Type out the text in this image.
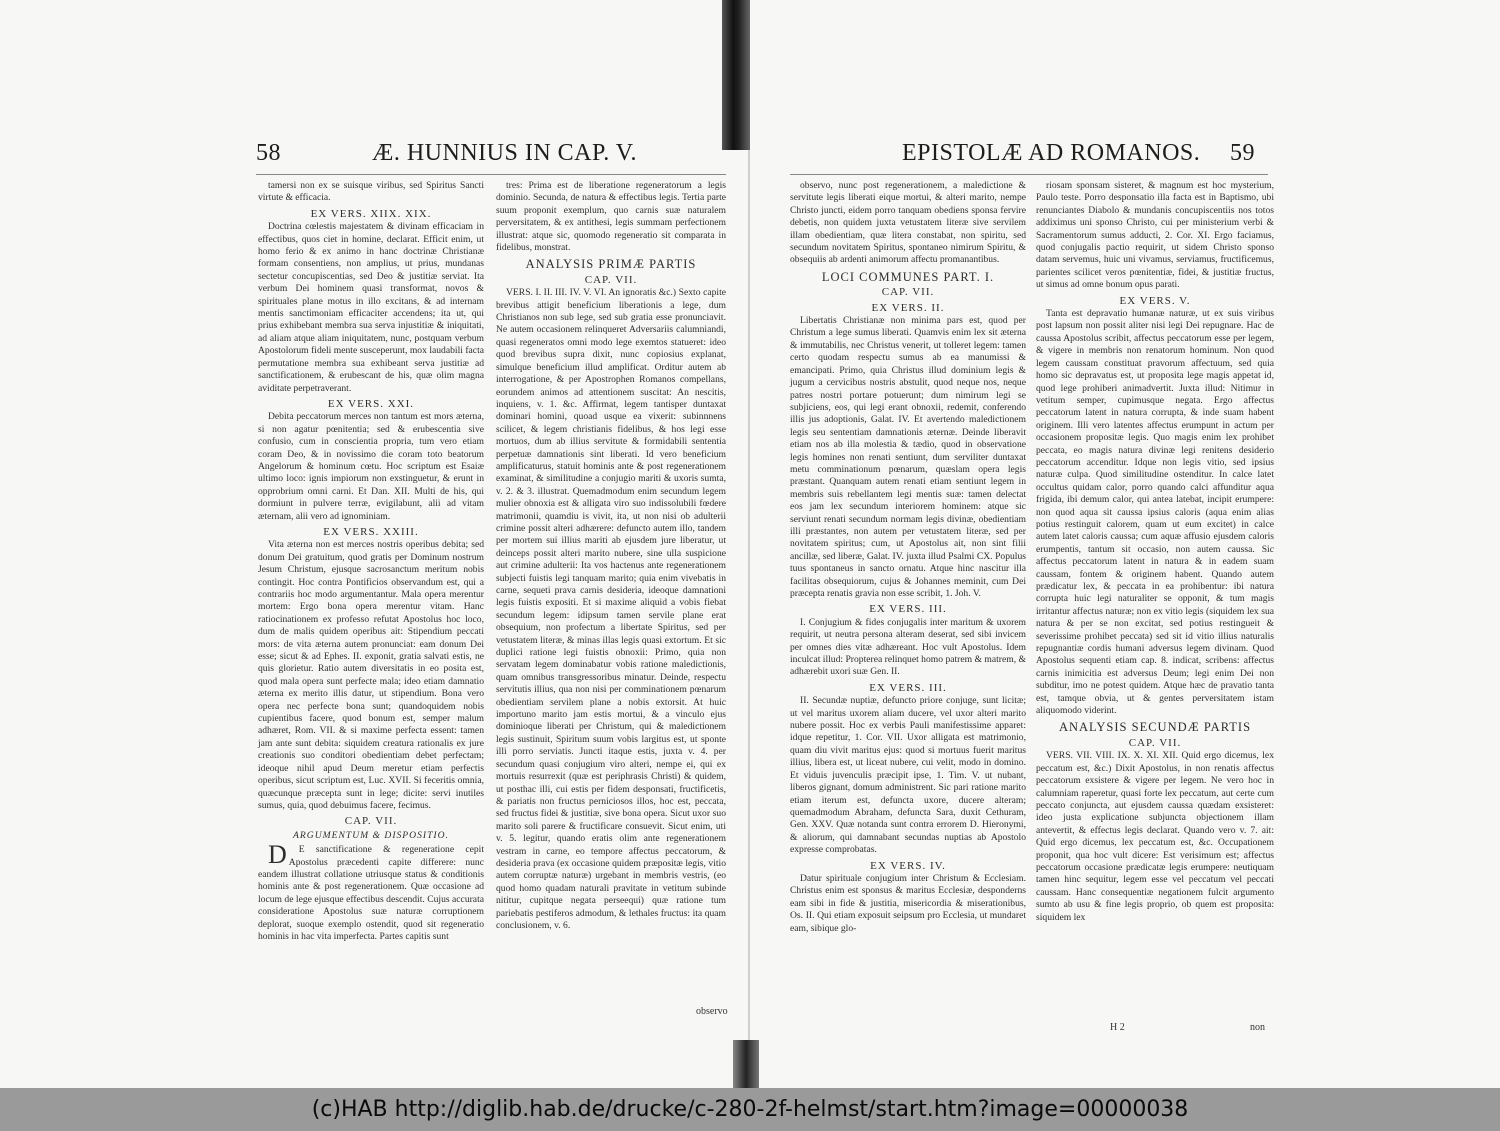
58	Æ. HUNNIUS IN CAP. V.

tamersi non ex se suisque viribus, sed Spiritus Sancti virtute & efficacia.

EX VERS. XIIX. XIX.

Doctrina cœlestis majestatem & divinam efficaciam in effectibus, quos ciet in homine, declarat. Efficit enim, ut homo ferio & ex animo in hanc doctrinæ Christianæ formam consentiens, non amplius, ut prius, mundanas sectetur concupiscentias, sed Deo & justitiæ serviat. Ita verbum Dei hominem quasi transformat, novos & spirituales plane motus in illo excitans, & ad internam mentis sanctimoniam efficaciter accendens; ita ut, qui prius exhibebant membra sua serva injustitiæ & iniquitati, ad aliam atque aliam iniquitatem, nunc, postquam verbum Apostolorum fideli mente susceperunt, mox laudabili facta permutatione membra sua exhibeant serva justitiæ ad sanctificationem, & erubescant de his, quæ olim magna aviditate perpetraverant.

EX VERS. XXI.

Debita peccatorum merces non tantum est mors æterna, si non agatur pœnitentia; sed & erubescentia sive confusio, cum in conscientia propria, tum vero etiam coram Deo, & in novissimo die coram toto beatorum Angelorum & hominum cœtu. Hoc scriptum est Esaiæ ultimo loco: ignis impiorum non exstinguetur, & erunt in opprobrium omni carni. Et Dan. XII. Multi de his, qui dormiunt in pulvere terræ, evigilabunt, alii ad vitam æternam, alii vero ad ignominiam.

EX VERS. XXIII.

Vita æterna non est merces nostris operibus debita; sed donum Dei gratuitum, quod gratis per Dominum nostrum Jesum Christum, ejusque sacrosanctum meritum nobis contingit. Hoc contra Pontificios observandum est, qui a contrariis hoc modo argumentantur. Mala opera merentur mortem: Ergo bona opera merentur vitam. Hanc ratiocinationem ex professo refutat Apostolus hoc loco, dum de malis quidem operibus ait: Stipendium peccati mors: de vita æterna autem pronunciat: eam donum Dei esse; sicut & ad Ephes. II. exponit, gratia salvati estis, ne quis glorietur. Ratio autem diversitatis in eo posita est, quod mala opera sunt perfecte mala; ideo etiam damnatio æterna ex merito illis datur, ut stipendium. Bona vero opera nec perfecte bona sunt; quandoquidem nobis cupientibus facere, quod bonum est, semper malum adhæret, Rom. VII. & si maxime perfecta essent: tamen jam ante sunt debita: siquidem creatura rationalis ex jure creationis suo conditori obedientiam debet perfectam; ideoque nihil apud Deum meretur etiam perfectis operibus, sicut scriptum est, Luc. XVII. Si feceritis omnia, quæcunque præcepta sunt in lege; dicite: servi inutiles sumus, quia, quod debuimus facere, fecimus.

CAP. VII.
ARGUMENTUM & DISPOSITIO.

DE sanctificatione & regeneratione cepit Apostolus præcedenti capite differere: nunc eandem illustrat collatione utriusque status & conditionis hominis ante & post regenerationem. Quæ occasione ad locum de lege ejusque effectibus descendit. Cujus accurata consideratione Apostolus suæ naturæ corruptionem deplorat, suoque exemplo ostendit, quod sit regeneratio hominis in hac vita imperfecta. Partes capitis sunt

tres: Prima est de liberatione regeneratorum a legis dominio. Secunda, de natura & effectibus legis. Tertia parte suum proponit exemplum, quo carnis suæ naturalem perversitatem, & ex antithesi, legis summam perfectionem illustrat: atque sic, quomodo regeneratio sit comparata in fidelibus, monstrat.

ANALYSIS PRIMÆ PARTIS
CAP. VII.

VERS. I. II. III. IV. V. VI. An ignoratis &c.) Sexto capite brevibus attigit beneficium liberationis a lege, dum Christianos non sub lege, sed sub gratia esse pronunciavit. Ne autem occasionem relinqueret Adversariis calumniandi, quasi regeneratos omni modo lege exemtos statueret: ideo quod brevibus supra dixit, nunc copiosius explanat, simulque beneficium illud amplificat. Orditur autem ab interrogatione, & per Apostrophen Romanos compellans, eorundem animos ad attentionem suscitat: An nescitis, inquiens, v. 1. &c. Affirmat, legem tantisper duntaxat dominari homini, quoad usque ea vixerit: subinnnens scilicet, & legem christianis fidelibus, & hos legi esse mortuos, dum ab illius servitute & formidabili sententia perpetuæ damnationis sint liberati. Id vero beneficium amplificaturus, statuit hominis ante & post regenerationem examinat, & similitudine a conjugio mariti & uxoris sumta, v. 2. & 3. illustrat. Quemadmodum enim secundum legem mulier obnoxia est & alligata viro suo indissolubili fœdere matrimonii, quamdiu is vivit, ita, ut non nisi ob adulterii crimine possit alteri adhærere: defuncto autem illo, tandem per mortem sui illius mariti ab ejusdem jure liberatur, ut deinceps possit alteri marito nubere, sine ulla suspicione aut crimine adulterii: Ita vos hactenus ante regenerationem subjecti fuistis legi tanquam marito; quia enim vivebatis in carne, sequeti prava carnis desideria, ideoque damnationi legis fuistis expositi. Et si maxime aliquid a vobis fiebat secundum legem: idipsum tamen servile plane erat obsequium, non profectum a libertate Spiritus, sed per vetustatem literæ, & minas illas legis quasi extortum. Et sic duplici ratione legi fuistis obnoxii: Primo, quia non servatam legem dominabatur vobis ratione maledictionis, quam omnibus transgressoribus minatur. Deinde, respectu servitutis illius, qua non nisi per comminationem pœnarum obedientiam servilem plane a nobis extorsit. At huic importuno marito jam estis mortui, & a vinculo ejus dominioque liberati per Christum, qui & maledictionem legis sustinuit, Spiritum suum vobis largitus est, ut sponte illi porro serviatis. Juncti itaque estis, juxta v. 4. per secundum quasi conjugium viro alteri, nempe ei, qui ex mortuis resurrexit (quæ est periphrasis Christi) & quidem, ut posthac illi, cui estis per fidem desponsati, fructificetis, & pariatis non fructus perniciosos illos, hoc est, peccata, sed fructus fidei & justitiæ, sive bona opera. Sicut uxor suo marito soli parere & fructificare consuevit. Sicut enim, uti v. 5. legitur, quando eratis olim ante regenerationem vestram in carne, eo tempore affectus peccatorum, & desideria prava (ex occasione quidem præpositæ legis, vitio autem corruptæ naturæ) urgebant in membris vestris, (eo quod homo quadam naturali pravitate in vetitum subinde nititur, cupitque negata perseequi) quæ ratione tum pariebatis pestiferos admodum, & lethales fructus: ita quam conclusionem, v. 6.

observo
EPISTOLÆ AD ROMANOS. 59

observo, nunc post regenerationem, a maledictione & servitute legis liberati eique mortui, & alteri marito, nempe Christo juncti, eidem porro tanquam obediens sponsa fervire debetis, non quidem juxta vetustatem literæ sive servilem illam obedientiam, quæ litera constabat, non spiritu, sed secundum novitatem Spiritus, spontaneo nimirum Spiritu, & obsequiis ab ardenti animorum affectu promanantibus.

LOCI COMMUNES PART. I.
CAP. VII.
EX VERS. II.

Libertatis Christianæ non minima pars est, quod per Christum a lege sumus liberati. Quamvis enim lex sit æterna & immutabilis, nec Christus venerit, ut tolleret legem: tamen certo quodam respectu sumus ab ea manumissi & emancipati. Primo, quia Christus illud dominium legis & jugum a cervicibus nostris abstulit, quod neque nos, neque patres nostri portare potuerunt; dum nimirum legi se subjiciens, eos, qui legi erant obnoxii, redemit, conferendo illis jus adoptionis, Galat. IV. Et avertendo maledictionem legis seu sententiam damnationis æternæ. Deinde liberavit etiam nos ab illa molestia & tædio, quod in observatione legis homines non renati sentiunt, dum serviliter duntaxat metu comminationum pœnarum, quæslam opera legis præstant. Quanquam autem renati etiam sentiunt legem in membris suis rebellantem legi mentis suæ: tamen delectat eos jam lex secundum interiorem hominem: atque sic serviunt renati secundum normam legis divinæ, obedientiam illi præstantes, non autem per vetustatem literæ, sed per novitatem spiritus; cum, ut Apostolus ait, non sint filii ancillæ, sed liberæ, Galat. IV. juxta illud Psalmi CX. Populus tuus spontaneus in sancto ornatu. Atque hinc nascitur illa facilitas obsequiorum, cujus & Johannes meminit, cum Dei præcepta renatis gravia non esse scribit, 1. Joh. V.

EX VERS. III.

I. Conjugium & fides conjugalis inter maritum & uxorem requirit, ut neutra persona alteram deserat, sed sibi invicem per omnes dies vitæ adhæreant. Hoc vult Apostolus. Idem inculcat illud: Propterea relinquet homo patrem & matrem, & adhærebit uxori suæ Gen. II.

EX VERS. III.

II. Secundæ nuptiæ, defuncto priore conjuge, sunt licitæ; ut vel maritus uxorem aliam ducere, vel uxor alteri marito nubere possit. Hoc ex verbis Pauli manifestissime apparet: idque repetitur, 1. Cor. VII. Uxor alligata est matrimonio, quam diu vivit maritus ejus: quod si mortuus fuerit maritus illius, libera est, ut liceat nubere, cui velit, modo in domino. Et viduis juvenculis præcipit ipse, 1. Tim. V. ut nubant, liberos gignant, domum administrent. Sic pari ratione marito etiam iterum est, defuncta uxore, ducere alteram; quemadmodum Abraham, defuncta Sara, duxit Cethuram, Gen. XXV. Quæ notanda sunt contra errorem D. Hieronymi, & aliorum, qui damnabant secundas nuptias ab Apostolo expresse comprobatas.

EX VERS. IV.

Datur spirituale conjugium inter Christum & Ecclesiam. Christus enim est sponsus & maritus Ecclesiæ, desponderns eam sibi in fide & justitia, misericordia & miserationibus, Os. II. Qui etiam exposuit seipsum pro Ecclesia, ut mundaret eam, sibique glo-

riosam sponsam sisteret, & magnum est hoc mysterium, Paulo teste. Porro desponsatio illa facta est in Baptismo, ubi renunciantes Diabolo & mundanis concupiscentiis nos totos addiximus uni sponso Christo, cui per ministerium verbi & Sacramentorum sumus adducti, 2. Cor. XI. Ergo faciamus, quod conjugalis pactio requirit, ut sidem Christo sponso datam servemus, huic uni vivamus, serviamus, fructificemus, parientes scilicet veros pœnitentiæ, fidei, & justitiæ fructus, ut simus ad omne bonum opus parati.

EX VERS. V.

Tanta est depravatio humanæ naturæ, ut ex suis viribus post lapsum non possit aliter nisi legi Dei repugnare. Hac de caussa Apostolus scribit, affectus peccatorum esse per legem, & vigere in membris non renatorum hominum. Non quod legem caussam constituat pravorum affectuum, sed quia homo sic depravatus est, ut proposita lege magis appetat id, quod lege prohiberi animadvertit. Juxta illud: Nitimur in vetitum semper, cupimusque negata. Ergo affectus peccatorum latent in natura corrupta, & inde suam habent originem. Illi vero latentes affectus erumpunt in actum per occasionem propositæ legis. Quo magis enim lex prohibet peccata, eo magis natura divinæ legi renitens desiderio peccatorum accenditur. Idque non legis vitio, sed ipsius naturæ culpa. Quod similitudine ostenditur. In calce latet occultus quidam calor, porro quando calci affunditur aqua frigida, ibi demum calor, qui antea latebat, incipit erumpere: non quod aqua sit caussa ipsius caloris (aqua enim alias potius restinguit calorem, quam ut eum excitet) in calce autem latet caloris caussa; cum aquæ affusio ejusdem caloris erumpentis, tantum sit occasio, non autem caussa. Sic affectus peccatorum latent in natura & in eadem suam caussam, fontem & originem habent. Quando autem prædicatur lex, & peccata in ea prohibentur: ibi natura corrupta huic legi naturaliter se opponit, & tum magis irritantur affectus naturæ; non ex vitio legis (siquidem lex sua natura & per se non excitat, sed potius restingueit & severissime prohibet peccata) sed sit id vitio illius naturalis repugnantiæ cordis humani adversus legem divinam. Quod Apostolus sequenti etiam cap. 8. indicat, scribens: affectus carnis inimicitia est adversus Deum; legi enim Dei non subditur, imo ne potest quidem. Atque hæc de pravatio tanta est, tamque obvia, ut & gentes perversitatem istam aliquomodo viderint.

ANALYSIS SECUNDÆ PARTIS
CAP. VII.

VERS. VII. VIII. IX. X. XI. XII. Quid ergo dicemus, lex peccatum est, &c.) Dixit Apostolus, in non renatis affectus peccatorum exsistere & vigere per legem. Ne vero hoc in calumniam raperetur, quasi forte lex peccatum, aut certe cum peccato conjuncta, aut ejusdem caussa quædam exsisteret: ideo justa explicatione subjuncta objectionem illam antevertit, & effectus legis declarat. Quando vero v. 7. ait: Quid ergo dicemus, lex peccatum est, &c. Occupationem proponit, qua hoc vult dicere: Est verisimum est; affectus peccatorum occasione prædicatæ legis erumpere: neutiquam tamen hinc sequitur, legem esse vel peccatum vel peccati caussam. Hanc consequentiæ negationem fulcit argumento sumto ab usu & fine legis proprio, ob quem est proposita: siquidem lex

H 2	non
(c)HAB http://diglib.hab.de/drucke/c-280-2f-helmst/start.htm?image=00000038
